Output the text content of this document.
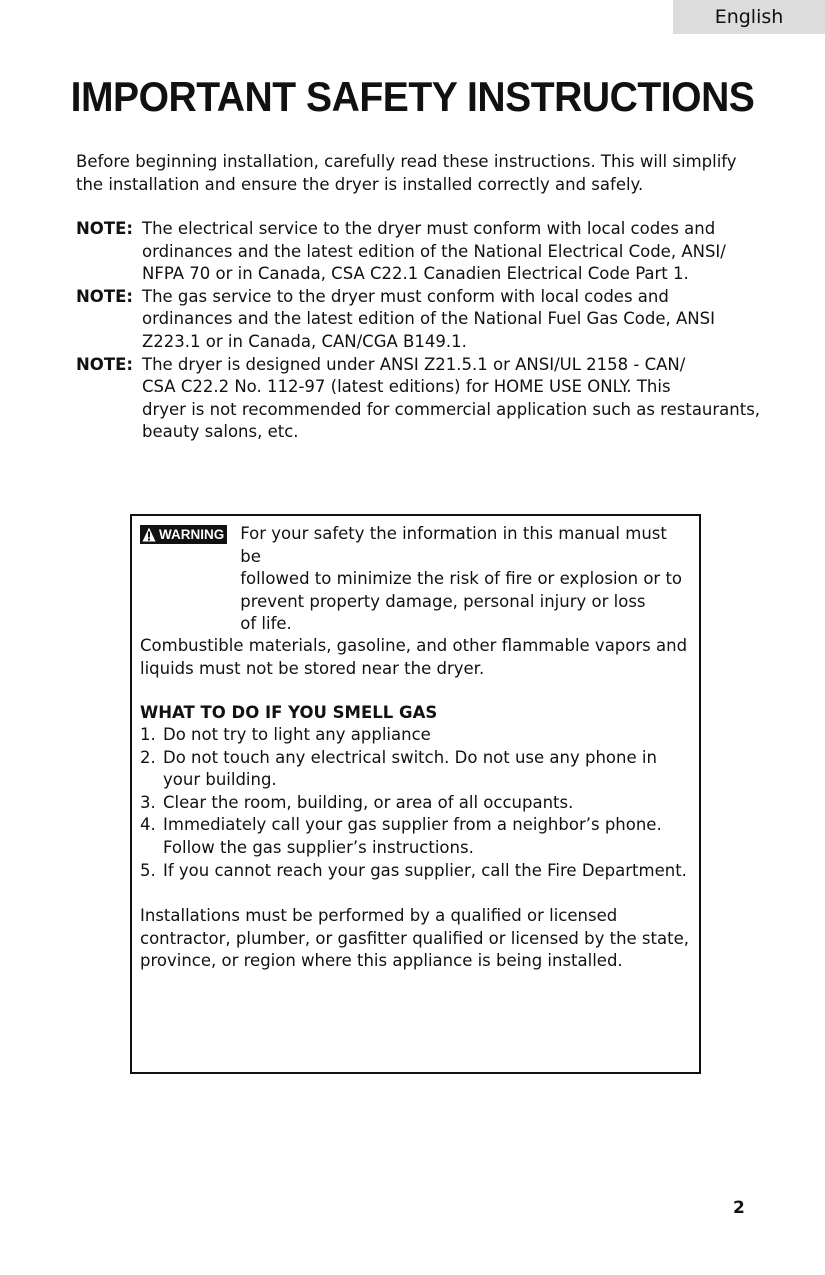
English
IMPORTANT SAFETY INSTRUCTIONS

Before beginning installation, carefully read these instructions. This will simplify the installation and ensure the dryer is installed correctly and safely.

NOTE: The electrical service to the dryer must conform with local codes and
ordinances and the latest edition of the National Electrical Code, ANSI/
NFPA 70 or in Canada, CSA C22.1 Canadien Electrical Code Part 1.
NOTE: The gas service to the dryer must conform with local codes and
ordinances and the latest edition of the National Fuel Gas Code, ANSI
Z223.1 or in Canada, CAN/CGA B149.1.
NOTE: The dryer is designed under ANSI Z21.5.1 or ANSI/UL 2158 - CAN/
CSA C22.2 No. 112-97 (latest editions) for HOME USE ONLY. This
dryer is not recommended for commercial application such as restaurants,
beauty salons, etc.
WARNING For your safety the information in this manual must be
followed to minimize the risk of fire or explosion or to
prevent property damage, personal injury or loss
of life.
Combustible materials, gasoline, and other flammable vapors and
liquids must not be stored near the dryer.
WHAT TO DO IF YOU SMELL GAS
1. Do not try to light any appliance
2. Do not touch any electrical switch. Do not use any phone in
your building.
3. Clear the room, building, or area of all occupants.
4. Immediately call your gas supplier from a neighbor’s phone.
Follow the gas supplier’s instructions.
5. If you cannot reach your gas supplier, call the Fire Department.
Installations must be performed by a qualified or licensed
contractor, plumber, or gasfitter qualified or licensed by the state,
province, or region where this appliance is being installed.
2
